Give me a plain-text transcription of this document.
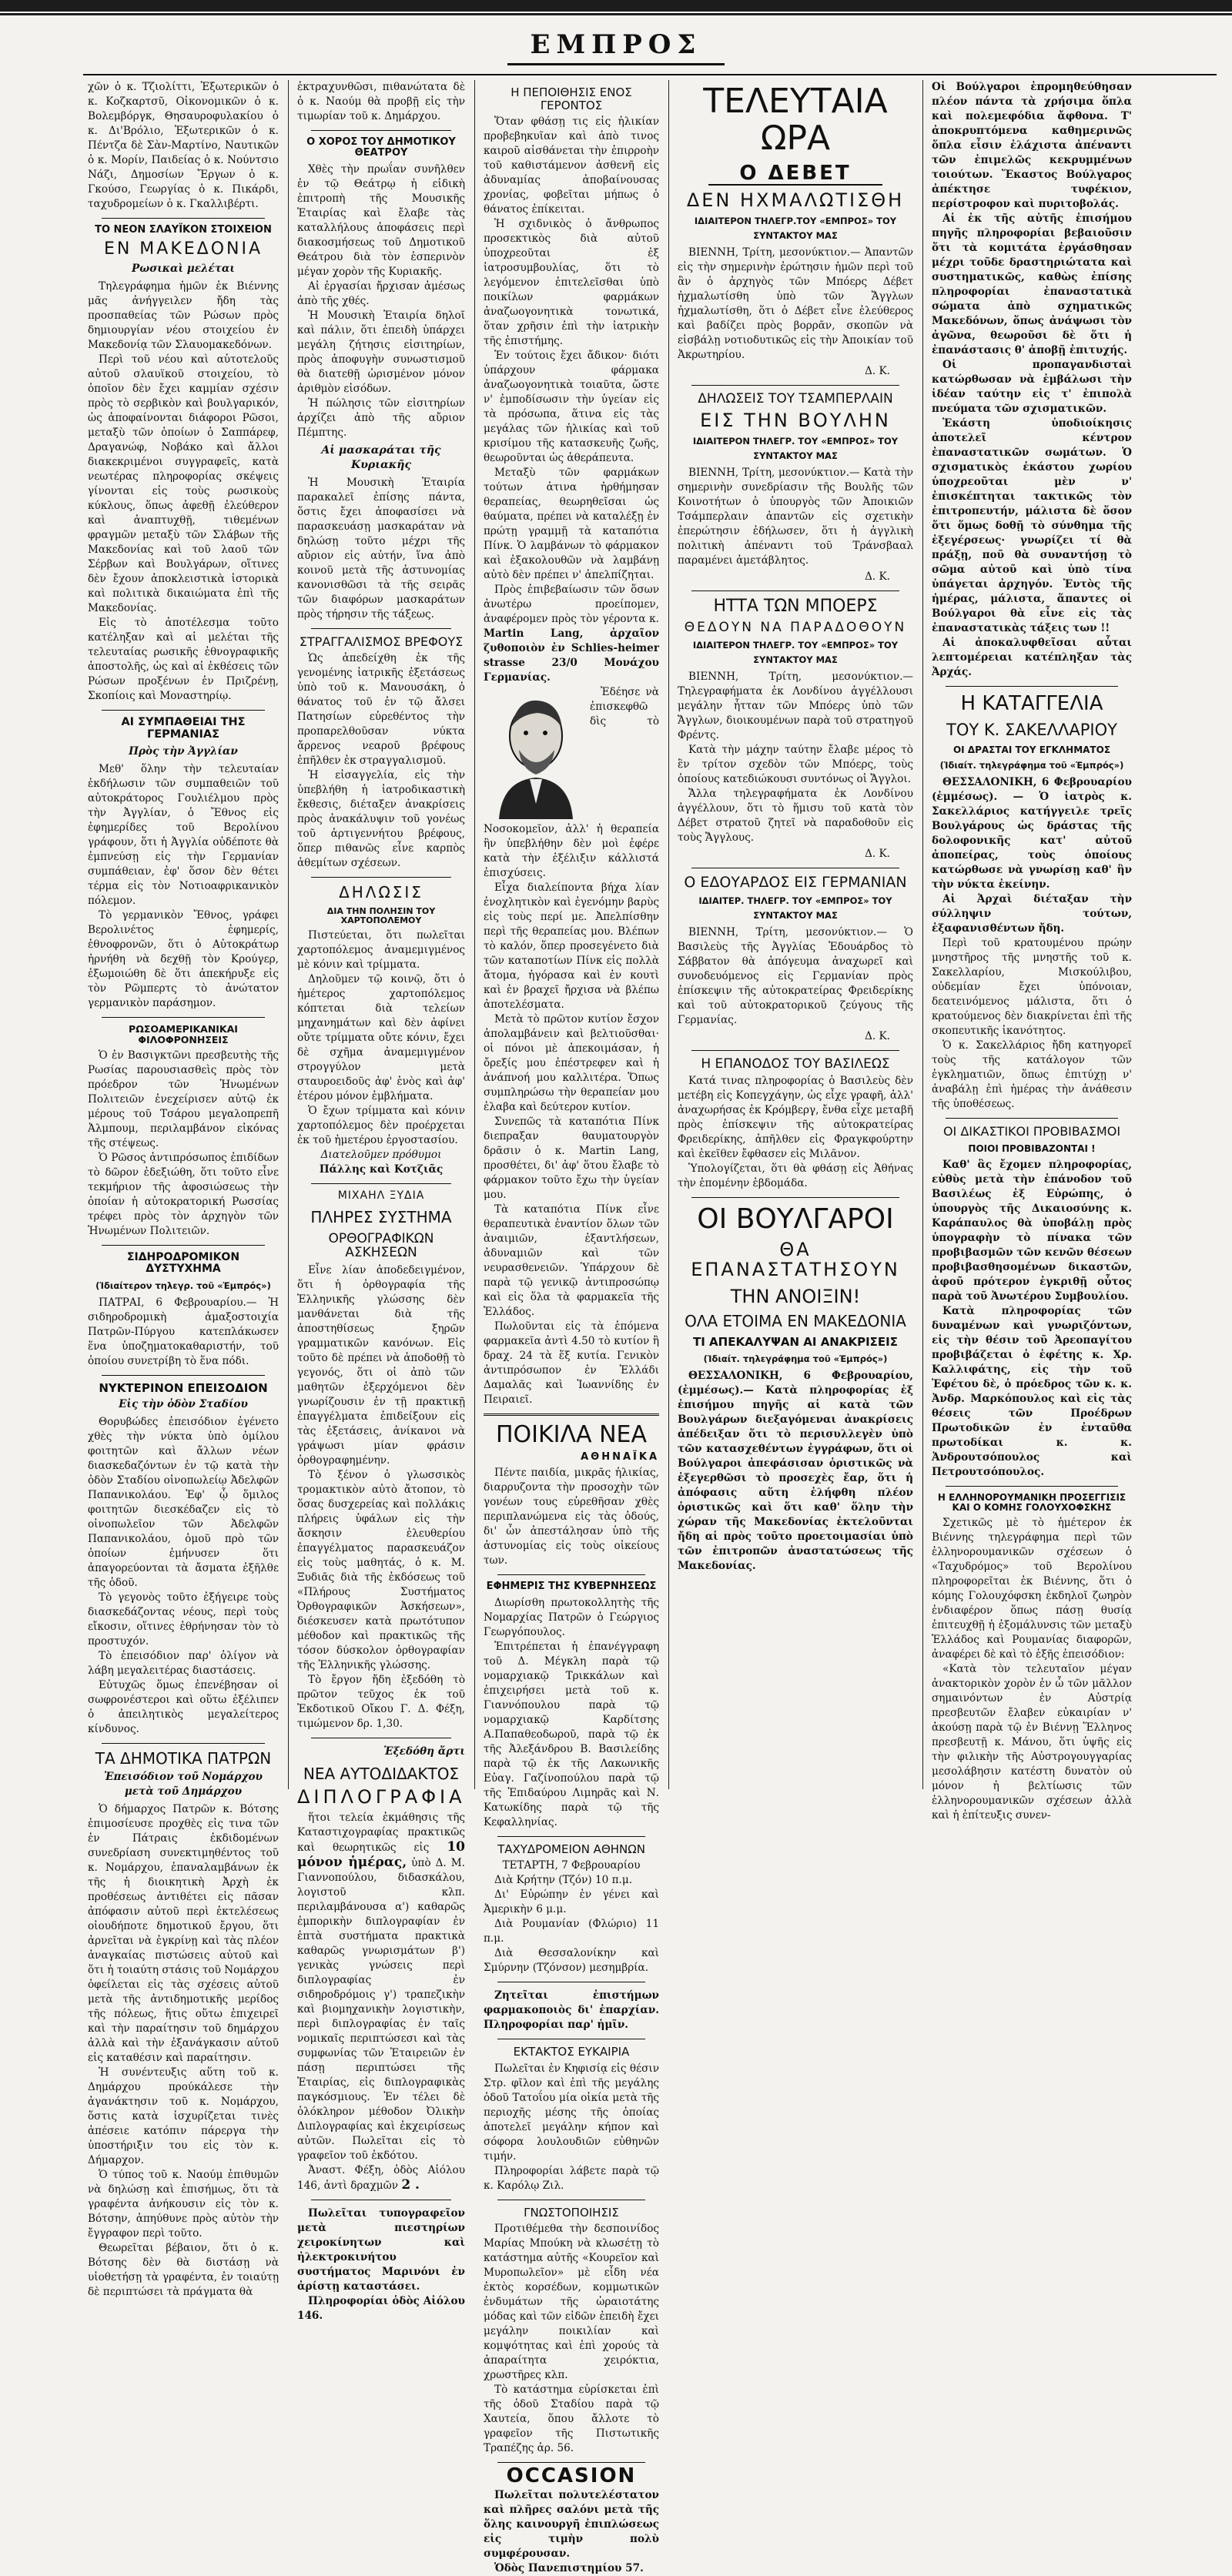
ΕΜΠΡΟΣ

χῶν ὁ κ. Τζιολίττι, Ἐξωτερικῶν ὁ κ. Κοζκαρτσῦ, Οἰκονομικῶν ὁ κ. Βολεμβόργκ, Θησαυροφυλακίου ὁ κ. Δι'Βρόλιο, Ἐξωτερικῶν ὁ κ. Πέντζα δὲ Σὰν-Μαρτίνο, Ναυτικῶν ὁ κ. Μορίν, Παιδείας ὁ κ. Νούντσιο Νάζι, Δημοσίων Ἔργων ὁ κ. Γκούσο, Γεωργίας ὁ κ. Πικάρδι, ταχυδρομείων ὁ κ. Γκαλλιβέρτι.

ΤΟ ΝΕΟΝ ΣΛΑΥΪΚΟΝ ΣΤΟΙΧΕΙΟΝ
ΕΝ ΜΑΚΕΔΟΝΙΑ
Ρωσικαὶ μελέται

Τηλεγράφημα ἡμῶν ἐκ Βιέννης μᾶς ἀνήγγειλεν ἤδη τὰς προσπαθείας τῶν Ρώσων πρὸς δημιουργίαν νέου στοιχείου ἐν Μακεδονίᾳ τῶν Σλαυομακεδόνων.

Περὶ τοῦ νέου καὶ αὐτοτελοῦς αὐτοῦ σλαυϊκοῦ στοιχείου, τὸ ὁποῖον δὲν ἔχει καμμίαν σχέσιν πρὸς τὸ σερβικὸν καὶ βουλγαρικόν, ὡς ἀποφαίνονται διάφοροι Ρῶσοι, μεταξὺ τῶν ὁποίων ὁ Σαππάρεφ, Δραγανώφ, Νοβάκο καὶ ἄλλοι διακεκριμένοι συγγραφεῖς, κατὰ νεωτέρας πληροφορίας σκέψεις γίνονται εἰς τοὺς ρωσικοὺς κύκλους, ὅπως ἀφεθῇ ἐλεύθερον καὶ ἀναπτυχθῇ, τιθεμένων φραγμῶν μεταξὺ τῶν Σλάβων τῆς Μακεδονίας καὶ τοῦ λαοῦ τῶν Σέρβων καὶ Βουλγάρων, οἵτινες δὲν ἔχουν ἀποκλειστικὰ ἱστορικὰ καὶ πολιτικὰ δικαιώματα ἐπὶ τῆς Μακεδονίας.

Εἰς τὸ ἀποτέλεσμα τοῦτο κατέληξαν καὶ αἱ μελέται τῆς τελευταίας ρωσικῆς ἐθνογραφικῆς ἀποστολῆς, ὡς καὶ αἱ ἐκθέσεις τῶν Ρώσων προξένων ἐν Πριζρένῃ, Σκοπίοις καὶ Μοναστηρίῳ.

ΑΙ ΣΥΜΠΑΘΕΙΑΙ ΤΗΣ ΓΕΡΜΑΝΙΑΣ
Πρὸς τὴν Ἀγγλίαν

Μεθ' ὅλην τὴν τελευταίαν ἐκδήλωσιν τῶν συμπαθειῶν τοῦ αὐτοκράτορος Γουλιέλμου πρὸς τὴν Ἀγγλίαν, ὁ Ἔθνος εἰς ἐφημερίδες τοῦ Βερολίνου γράφουν, ὅτι ἡ Ἀγγλία οὐδέποτε θὰ ἐμπνεύσῃ εἰς τὴν Γερμανίαν συμπάθειαν, ἐφ' ὅσον δὲν θέτει τέρμα εἰς τὸν Νοτιοαφρικανικὸν πόλεμον.

Τὸ γερμανικὸν Ἔθνος, γράφει Βερολινέτος ἐφημερίς, ἐθνοφρονῶν, ὅτι ὁ Αὐτοκράτωρ ἠρνήθη νὰ δεχθῇ τὸν Κρούγερ, ἐξωμοιώθη δὲ ὅτι ἀπεκήρυξε εἰς τὸν Ρῶμπερτς τὸ ἀνώτατον γερμανικὸν παράσημον.

ΡΩΣΟΑΜΕΡΙΚΑΝΙΚΑΙ ΦΙΛΟΦΡΟΝΗΣΕΙΣ

Ὁ ἐν Βασιγκτῶνι πρεσβευτὴς τῆς Ρωσίας παρουσιασθεὶς πρὸς τὸν πρόεδρον τῶν Ἡνωμένων Πολιτειῶν ἐνεχείρισεν αὐτῷ ἐκ μέρους τοῦ Τσάρου μεγαλοπρεπῆ Ἀλμπουμ, περιλαμβάνον εἰκόνας τῆς στέψεως.

Ὁ Ρῶσος ἀντιπρόσωπος ἐπιδίδων τὸ δῶρον ἐδεξιώθη, ὅτι τοῦτο εἶνε τεκμήριον τῆς ἀφοσιώσεως τὴν ὁποίαν ἡ αὐτοκρατορική Ρωσσίας τρέφει πρὸς τὸν ἀρχηγὸν τῶν Ἡνωμένων Πολιτειῶν.

ΣΙΔΗΡΟΔΡΟΜΙΚΟΝ ΔΥΣΤΥΧΗΜΑ
(Ἰδιαίτερον τηλεγρ. τοῦ «Ἐμπρός»)

ΠΑΤΡΑΙ, 6 Φεβρουαρίου.— Ἡ σιδηροδρομικὴ ἁμαξοστοιχία Πατρῶν-Πύργου κατεπλάκωσεν ἕνα ὑποζηματοκαθαριστήν, τοῦ ὁποίου συνετρίβη τὸ ἕνα πόδι.

ΝΥΚΤΕΡΙΝΟΝ ΕΠΕΙΣΟΔΙΟΝ
Εἰς τὴν ὁδὸν Σταδίου

Θορυβώδες ἐπεισόδιον ἐγένετο χθὲς τὴν νύκτα ὑπὸ ὁμίλου φοιτητῶν καὶ ἄλλων νέων διασκεδαζόντων ἐν τῷ κατὰ τὴν ὁδὸν Σταδίου οἰνοπωλείῳ Ἀδελφῶν Παπανικολάου. Ἐφ' ᾧ ὅμιλος φοιτητῶν διεσκέδαζεν εἰς τὸ οἰνοπωλεῖον τῶν Ἀδελφῶν Παπανικολάου, ὁμοῦ πρὸ τῶν ὁποίων ἐμήνυσεν ὅτι ἀπαγορεύονται τὰ ἄσματα ἐξῆλθε τῆς ὁδοῦ.

Τὸ γεγονὸς τοῦτο ἐξήγειρε τοὺς διασκεδάζοντας νέους, περὶ τοὺς εἴκοσιν, οἵτινες ἐθρήνησαν τὸν τὸ προστυχόν.

Τὸ ἐπεισόδιον παρ' ὀλίγον νὰ λάβη μεγαλειτέρας διαστάσεις.

Εὐτυχῶς ὅμως ἐπενέβησαν οἱ σωφρονέστεροι καὶ οὕτω ἐξέλιπεν ὁ ἀπειλητικὸς μεγαλείτερος κίνδυνος.

ΤΑ ΔΗΜΟΤΙΚΑ ΠΑΤΡΩΝ
Ἐπεισόδιον τοῦ Νομάρχου μετὰ τοῦ Δημάρχου

Ὁ δήμαρχος Πατρῶν κ. Βότσης ἐπιμοσίευσε προχθὲς εἰς τινα τῶν ἐν Πάτραις ἐκδιδομένων συνεδρίαση συνεκτιμηθέντος τοῦ κ. Νομάρχου, ἐπαναλαμβάνων ἐκ τῆς ἡ διοικητικὴ Ἀρχὴ ἐκ προθέσεως ἀντιθέτει εἰς πᾶσαν ἀπόφασιν αὐτοῦ περὶ ἐκτελέσεως οἰουδήποτε δημοτικοῦ ἔργου, ὅτι ἀρνεῖται νὰ ἐγκρίνῃ καὶ τὰς πλέον ἀναγκαίας πιστώσεις αὐτοῦ καὶ ὅτι ἡ τοιαύτη στάσις τοῦ Νομάρχου ὀφείλεται εἰς τὰς σχέσεις αὐτοῦ μετὰ τῆς ἀντιδημοτικῆς μερίδος τῆς πόλεως, ἥτις οὕτω ἐπιχειρεῖ καὶ τὴν παραίτησιν τοῦ δημάρχου ἀλλὰ καὶ τὴν ἐξανάγκασιν αὐτοῦ εἰς καταθέσιν καὶ παραίτησιν.

Ἡ συνέντευξις αὕτη τοῦ κ. Δημάρχου προύκάλεσε τὴν ἀγανάκτησιν τοῦ κ. Νομάρχου, ὅστις κατὰ ἰσχυρίζεται τινὲς ἀπέσειε κατόπιν πάρεργα τὴν ὑποστήριξιν του εἰς τὸν κ. Δήμαρχον.

Ὁ τύπος τοῦ κ. Ναούμ ἐπιθυμῶν νὰ δηλώσῃ καὶ ἐπισήμως, ὅτι τὰ γραφέντα ἀνήκουσιν εἰς τὸν κ. Βότσην, ἀπηύθυνε πρὸς αὐτὸν τὴν ἔγγραφον περὶ τοῦτο.

Θεωρεῖται βέβαιον, ὅτι ὁ κ. Βότσης δὲν θὰ διστάσῃ νὰ υἱοθετήσῃ τὰ γραφέντα, ἐν τοιαύτῃ δὲ περιπτώσει τὰ πράγματα θὰ

ἐκτραχυνθῶσι, πιθανώτατα δὲ ὁ κ. Ναούμ θὰ προβῇ εἰς τὴν τιμωρίαν τοῦ κ. Δημάρχου.

Ο ΧΟΡΟΣ ΤΟΥ ΔΗΜΟΤΙΚΟΥ ΘΕΑΤΡΟΥ

Χθὲς τὴν πρωΐαν συνῆλθεν ἐν τῷ Θεάτρῳ ἡ εἰδικὴ ἐπιτροπὴ τῆς Μουσικῆς Ἑταιρίας καὶ ἔλαβε τὰς καταλλήλους ἀποφάσεις περὶ διακοσμήσεως τοῦ Δημοτικοῦ Θεάτρου διὰ τὸν ἑσπερινὸν μέγαν χορὸν τῆς Κυριακῆς.

Αἱ ἐργασίαι ἤρχισαν ἀμέσως ἀπὸ τῆς χθές.

Ἡ Μουσικὴ Ἑταιρία δηλοῖ καὶ πάλιν, ὅτι ἐπειδὴ ὑπάρχει μεγάλη ζήτησις εἰσιτηρίων, πρὸς ἀποφυγὴν συνωστισμοῦ θὰ διατεθῇ ὡρισμένον μόνον ἀριθμὸν εἰσόδων.

Ἡ πώλησις τῶν εἰσιτηρίων ἀρχίζει ἀπὸ τῆς αὔριον Πέμπτης.

Αἱ μασκαράται τῆς Κυριακῆς

Ἡ Μουσικὴ Ἑταιρία παρακαλεῖ ἐπίσης πάντα, ὅστις ἔχει ἀποφασίσει νὰ παρασκευάσῃ μασκαράταν νὰ δηλώσῃ τοῦτο μέχρι τῆς αὔριον εἰς αὐτήν, ἵνα ἀπὸ κοινοῦ μετὰ τῆς ἀστυνομίας κανονισθῶσι τὰ τῆς σειρᾶς τῶν διαφόρων μασκαράτων πρὸς τήρησιν τῆς τάξεως.

ΣΤΡΑΓΓΑΛΙΣΜΟΣ ΒΡΕΦΟΥΣ

Ὡς ἀπεδείχθη ἐκ τῆς γενομένης ἰατρικῆς ἐξετάσεως ὑπὸ τοῦ κ. Μανουσάκη, ὁ θάνατος τοῦ ἐν τῷ ἄλσει Πατησίων εὑρεθέντος τὴν προπαρελθοῦσαν νύκτα ἄρρενος νεαροῦ βρέφους ἐπῆλθεν ἐκ στραγγαλισμοῦ.

Ἡ εἰσαγγελία, εἰς τὴν ὑπεβλήθη ἡ ἰατροδικαστικὴ ἔκθεσις, διέταξεν ἀνακρίσεις πρὸς ἀνακάλυψιν τοῦ γονέως τοῦ ἀρτιγεννήτου βρέφους, ὅπερ πιθανῶς εἶνε καρπὸς ἀθεμίτων σχέσεων.

ΔΗΛΩΣΙΣ
ΔΙΑ ΤΗΝ ΠΟΛΗΣΙΝ ΤΟΥ ΧΑΡΤΟΠΟΛΕΜΟΥ

Πιστεύεται, ὅτι πωλεῖται χαρτοπόλεμος ἀναμεμιγμένος μὲ κόνιν καὶ τρίμματα.

Δηλοῦμεν τῷ κοινῷ, ὅτι ὁ ἡμέτερος χαρτοπόλεμος κόπτεται διὰ τελείων μηχανημάτων καὶ δὲν ἀφίνει οὔτε τρίμματα οὔτε κόνιν, ἔχει δὲ σχῆμα ἀναμεμιγμένον στρογγύλον μετὰ σταυροειδοῦς ἀφ' ἑνὸς καὶ ἀφ' ἑτέρου μόνον ἐμβλήματα.

Ὁ ἔχων τρίμματα καὶ κόνιν χαρτοπόλεμος δὲν προέρχεται ἐκ τοῦ ἡμετέρου ἐργοστασίου.

Διατελοῦμεν πρόθυμοι
Πάλλης καὶ Κοτζιᾶς
ΜΙΧΑΗΛ ΞΥΔΙΑ
ΠΛΗΡΕΣ ΣΥΣΤΗΜΑ
ΟΡΘΟΓΡΑΦΙΚΩΝ ΑΣΚΗΣΕΩΝ

Εἶνε λίαν ἀποδεδειγμένον, ὅτι ἡ ὀρθογραφία τῆς Ἑλληνικῆς γλώσσης δὲν μανθάνεται διὰ τῆς ἀποστηθίσεως ξηρῶν γραμματικῶν κανόνων. Εἰς τοῦτο δὲ πρέπει νὰ ἀποδοθῇ τὸ γεγονός, ὅτι οἱ ἀπὸ τῶν μαθητῶν ἐξερχόμενοι δὲν γνωρίζουσιν ἐν τῇ πρακτικῇ ἐπαγγέλματα ἐπιδείξουν εἰς τὰς ἐξετάσεις, ἀνίκανοι νὰ γράψωσι μίαν φράσιν ὀρθογραφημένην.

Τὸ ξένον ὁ γλωσσικὸς τρομακτικὸν αὐτὸ ἄτοπον, τὸ ὅσας δυσχερείας καὶ πολλάκις πλήρεις ὑφάλων εἰς τὴν ἄσκησιν ἐλευθερίου ἐπαγγέλματος παρασκευάζον εἰς τοὺς μαθητάς, ὁ κ. Μ. Ξυδιᾶς διὰ τῆς ἐκδόσεως τοῦ «Πλήρους Συστήματος Ὀρθογραφικῶν Ἀσκήσεων», διέσκευσεν κατὰ πρωτότυπον μέθοδον καὶ πρακτικῶς τῆς τόσον δύσκολον ὀρθογραφίαν τῆς Ἑλληνικῆς γλώσσης.

Τὸ ἔργον ἤδη ἐξεδόθη τὸ πρῶτον τεῦχος ἐκ τοῦ Ἐκδοτικοῦ Οἴκου Γ. Δ. Φέξη, τιμώμενον δρ. 1,30.

Ἐξεδόθη ἄρτι
ΝΕΑ ΑΥΤΟΔΙΔΑΚΤΟΣ
ΔΙΠΛΟΓΡΑΦΙΑ

ἥτοι τελεία ἐκμάθησις τῆς Καταστιχογραφίας πρακτικῶς καὶ θεωρητικῶς εἰς 10 μόνον ἡμέρας, ὑπὸ Δ. Μ. Γιαννοπούλου, διδασκάλου, λογιστοῦ κλπ. περιλαμβάνουσα α') καθαρῶς ἐμπορικὴν διπλογραφίαν ἐν ἑπτὰ συστήματα πρακτικὰ καθαρῶς γνωρισμάτων β') γενικὰς γνώσεις περὶ διπλογραφίας ἐν σιδηροδρόμοις γ') τραπεζικὴν καὶ βιομηχανικὴν λογιστικὴν, περὶ διπλογραφίας ἐν ταῖς νομικαῖς περιπτώσεσι καὶ τὰς συμφωνίας τῶν Ἐταιρειῶν ἐν πάσῃ περιπτώσει τῆς Ἑταιρίας, εἰς διπλογραφικὰς παγκόσμιους. Ἐν τέλει δὲ ὁλόκληρον μέθοδον Ὀλικὴν Διπλογραφίας καὶ ἐκχειρίσεως αὐτῶν. Πωλεῖται εἰς τὸ γραφεῖον τοῦ ἐκδότου.

Ἀναστ. Φέξη, ὁδὸς Αἰόλου 146, ἀντὶ δραχμῶν 2 .

Πωλεῖται τυπογραφεῖον μετὰ πιεστηρίων χειροκίνητων καὶ ἠλεκτροκινήτου συστήματος Μαρινόνι ἐν ἀρίστῃ καταστάσει.

Πληροφορίαι ὁδὸς Αἰόλου 146.

Η ΠΕΠΟΙΘΗΣΙΣ ΕΝΟΣ ΓΕΡΟΝΤΟΣ

Ὅταν φθάσῃ τις εἰς ἡλικίαν προβεβηκυῖαν καὶ ἀπὸ τινος καιροῦ αἰσθάνεται τὴν ἐπιρροὴν τοῦ καθιστάμενον ἀσθενῆ εἰς ἀδυναμίας ἀποβαίνουσας χρονίας, φοβεῖται μήπως ὁ θάνατος ἐπίκειται.

Ἡ σχιδνικὸς ὁ ἄνθρωπος προσεκτικὸς διὰ αὐτοῦ ὑποχρεοῦται ἐξ ἰατροσυμβουλίας, ὅτι τὸ λεγόμενον ἐπιτελεῖσθαι ὑπὸ ποικίλων φαρμάκων ἀναζωογονητικὰ τονωτικά, ὅταν χρῆσιν ἐπὶ τὴν ἰατρικὴν τῆς ἐπιστήμης.

Ἐν τούτοις ἔχει ἄδικον· διότι ὑπάρχουν φάρμακα ἀναζωογονητικὰ τοιαῦτα, ὥστε ν' ἐμποδίσωσιν τὴν ὑγείαν εἰς τὰ πρόσωπα, ἅτινα εἰς τὰς μεγάλας τῶν ἡλικίας καὶ τοῦ κρισίμου τῆς κατασκευῆς ζωῆς, θεωροῦνται ὡς ἀθεράπευτα.

Μεταξὺ τῶν φαρμάκων τούτων ἀτινα ἠρθήμησαν θεραπείας, θεωρηθεῖσαι ὡς θαύματα, πρέπει νὰ καταλέξῃ ἐν πρώτῃ γραμμῇ τὰ καταπότια Πίνκ. Ὁ λαμβάνων τὸ φάρμακον καὶ ἐξακολουθῶν νὰ λαμβάνῃ αὐτὸ δὲν πρέπει ν' ἀπελπίζηται.

Πρὸς ἐπιβεβαίωσιν τῶν ὅσων ἀνωτέρω προείπομεν, ἀναφέρομεν πρὸς τὸν γέροντα κ. Martin Lang, ἀρχαῖον ζυθοποιὸν ἐν Schlies-heimer strasse 23/0 Μονάχου Γερμανίας.

Ἐδέησε νὰ ἐπισκεφθῶ δὶς τὸ Νοσοκομεῖον, ἀλλ' ἡ θεραπεία ἣν ὑπεβλήθην δὲν μοὶ ἐφέρε κατὰ τὴν ἐξέλιξιν κάλλιστά ἐπισχύσεις.

Εἶχα διαλείποντα βήχα λίαν ἐνοχλητικὸν καὶ ἐγενόμην βαρὺς εἰς τοὺς περί με. Ἀπελπίσθην περὶ τῆς θεραπείας μου. Βλέπων τὸ καλόν, ὅπερ προσεγένετο διὰ τῶν καταποτίων Πίνκ εἰς πολλὰ ἄτομα, ἠγόρασα καὶ ἐν κουτὶ καὶ ἐν βραχεῖ ἤρχισα νὰ βλέπω ἀποτελέσματα.

Μετὰ τὸ πρῶτον κυτίον ἔσχον ἀπολαμβάνειν καὶ βελτιοῦσθαι· οἱ πόνοι μὲ ἀπεκοιμάσαν, ἡ ὄρεξίς μου ἐπέστρεφεν καὶ ἡ ἀνάπνοή μου καλλιτέρα. Ὅπως συμπληρώσω τὴν θεραπείαν μου ἐλαβα καὶ δεύτερον κυτίον.

Συνεπῶς τὰ καταπότια Πίνκ διεπραξαν θαυματουργὸν δρᾶσιν ὁ κ. Martin Lang, προσθέτει, δι' ἀφ' ὅτου ἔλαβε τὸ φάρμακον τοῦτο ἔχω τὴν ὑγείαν μου.

Τὰ καταπότια Πίνκ εἶνε θεραπευτικὰ ἐναντίον ὅλων τῶν ἀναιμιῶν, ἐξαντλήσεων, ἀδυναμιῶν καὶ τῶν νευρασθενειῶν. Ὑπάρχουν δὲ παρὰ τῷ γενικῷ ἀντιπροσώπῳ καὶ εἰς ὅλα τὰ φαρμακεῖα τῆς Ἑλλάδος.

Πωλοῦνται εἰς τὰ ἑπόμενα φαρμακεῖα ἀντὶ 4.50 τὸ κυτίον ἢ δραχ. 24 τὰ ἕξ κυτία. Γενικὸν ἀντιπρόσωπον ἐν Ἑλλάδι Δαμαλᾶς καὶ Ἰωαννίδης ἐν Πειραιεῖ.

ΠΟΙΚΙΛΑ ΝΕΑ
ΑΘΗΝΑΪΚΑ

Πέντε παιδία, μικρᾶς ἡλικίας, διαρρυζοντα τὴν προσοχὴν τῶν γονέων τους εὑρεθῆσαν χθὲς περιπλανώμενα εἰς τὰς ὁδούς, δι' ὧν ἀπεστάλησαν ὑπὸ τῆς ἀστυνομίας εἰς τοὺς οἰκείους των.

ΕΦΗΜΕΡΙΣ ΤΗΣ ΚΥΒΕΡΝΗΣΕΩΣ

Διωρίσθη πρωτοκολλητὴς τῆς Νομαρχίας Πατρῶν ὁ Γεώργιος Γεωργόπουλος.

Ἐπιτρέπεται ἡ ἐπανέγγραφη τοῦ Δ. Μέγκλη παρὰ τῷ νομαρχιακῷ Τρικκάλων καὶ ἐπιχειρήσει μετὰ τοῦ κ. Γιαννόπουλου παρὰ τῷ νομαρχιακῷ Καρδίτσης Α.Παπαθεοδωροῦ, παρὰ τῷ ἐκ τῆς Ἀλεξάνδρου Β. Βασιλείδης παρὰ τῷ ἐκ τῆς Λακωνικῆς Εὐαγ. Γαζίνοπούλου παρὰ τῷ τῆς Ἐπιδαύρου Λιμηρᾶς καὶ Ν. Κατωκίδης παρὰ τῷ τῆς Κεφαλληνίας.

ΤΑΧΥΔΡΟΜΕΙΟΝ ΑΘΗΝΩΝ
ΤΕΤΑΡΤΗ, 7 Φεβρουαρίου

Διὰ Κρήτην (Τζόν) 10 π.μ.

Δι' Εὐρώπην ἐν γένει καὶ Ἀμερικὴν 6 μ.μ.

Διὰ Ρουμανίαν (Φλώριο) 11 π.μ.

Διὰ Θεσσαλονίκην καὶ Σμύρνην (Τζόνσον) μεσημβρία.

Ζητεῖται ἐπιστήμων φαρμακοποιὸς δι' ἐπαρχίαν. Πληροφορίαι παρ' ἡμῖν.

ΕΚΤΑΚΤΟΣ ΕΥΚΑΙΡΙΑ

Πωλεῖται ἐν Κηφισίᾳ εἰς θέσιν Στρ. φῖλον καὶ ἐπὶ τῆς μεγάλης ὁδοῦ Τατοΐου μία οἰκία μετὰ τῆς περιοχῆς μέσης τῆς ὁποίας ἀποτελεῖ μεγάλην κήπον καὶ σόφορα λουλουδιῶν εὐθηνῶν τιμήν.

Πληροφορίαι λάβετε παρὰ τῷ κ. Καρόλῳ Ζιλ.

ΓΝΩΣΤΟΠΟΙΗΣΙΣ

Προτιθέμεθα τὴν δεσποινίδος Μαρίας Μπούκη νὰ κλωσέτῃ τὸ κατάστημα αὐτῆς «Κουρεῖον καὶ Μυροπωλεῖον» μὲ εἶδη νέα ἐκτὸς κορσέδων, κομμωτικῶν ἐνδυμάτων τῆς ὡραιοτάτης μόδας καὶ τῶν εἰδῶν ἐπειδὴ ἔχει μεγάλην ποικιλίαν καὶ κομψότητας καὶ ἐπὶ χορούς τὰ ἀπαραίτητα χειρόκτια, χρωστῆρες κλπ.

Τὸ κατάστημα εὑρίσκεται ἐπὶ τῆς ὁδοῦ Σταδίου παρὰ τῷ Χαυτεία, ὅπου ἄλλοτε τὸ γραφεῖον τῆς Πιστωτικῆς Τραπέζης ἀρ. 56.

OCCASION

Πωλεῖται πολυτελέστατον καὶ πλῆρες σαλόνι μετὰ τῆς ὅλης καινουργῆ ἐπιπλώσεως εἰς τιμὴν πολὺ συμφέρουσαν.

Ὁδὸς Πανεπιστημίου 57.

ΤΕΛΕΥΤΑΙΑ ΩΡΑ
Ο ΔΕΒΕΤ
ΔΕΝ ΗΧΜΑΛΩΤΙΣΘΗ
ΙΔΙΑΙΤΕΡΟΝ ΤΗΛΕΓΡ.ΤΟΥ «ΕΜΠΡΟΣ» ΤΟΥ ΣΥΝΤΑΚΤΟΥ ΜΑΣ

ΒΙΕΝΝΗ, Τρίτη, μεσονύκτιον.— Ἀπαντῶν εἰς τὴν σημερινὴν ἐρώτησιν ἡμῶν περὶ τοῦ ἂν ὁ ἀρχηγὸς τῶν Μπόερς Δέβετ ἠχμαλωτίσθη ὑπὸ τῶν Ἄγγλων ἠχμαλωτίσθη, ὅτι ὁ Δέβετ εἶνε ἐλεύθερος καὶ βαδίζει πρὸς βορρᾶν, σκοπῶν νὰ εἰσβάλῃ νοτιοδυτικῶς εἰς τὴν Ἀποικίαν τοῦ Ἀκρωτηρίου.

Δ. Κ.
ΔΗΛΩΣΕΙΣ ΤΟΥ ΤΣΑΜΠΕΡΛΑΙΝ
ΕΙΣ ΤΗΝ ΒΟΥΛΗΝ
ΙΔΙΑΙΤΕΡΟΝ ΤΗΛΕΓΡ. ΤΟΥ «ΕΜΠΡΟΣ» ΤΟΥ ΣΥΝΤΑΚΤΟΥ ΜΑΣ

ΒΙΕΝΝΗ, Τρίτη, μεσονύκτιον.— Κατὰ τὴν σημερινὴν συνεδρίασιν τῆς Βουλῆς τῶν Κοινοτήτων ὁ ὑπουργὸς τῶν Ἀποικιῶν Τσάμπερλαιν ἀπαντῶν εἰς σχετικὴν ἐπερώτησιν ἐδήλωσεν, ὅτι ἡ ἀγγλικὴ πολιτικὴ ἀπέναντι τοῦ Τράνσβααλ παραμένει ἀμετάβλητος.

Δ. Κ.
ΗΤΤΑ ΤΩΝ ΜΠΟΕΡΣ
ΘΕΔΟΥΝ ΝΑ ΠΑΡΑΔΟΘΟΥΝ
ΙΔΙΑΙΤΕΡΟΝ ΤΗΛΕΓΡ. ΤΟΥ «ΕΜΠΡΟΣ» ΤΟΥ ΣΥΝΤΑΚΤΟΥ ΜΑΣ

ΒΙΕΝΝΗ, Τρίτη, μεσονύκτιον.— Τηλεγραφήματα ἐκ Λονδίνου ἀγγέλλουσι μεγάλην ἧτταν τῶν Μπόερς ὑπὸ τῶν Ἄγγλων, διοικουμένων παρὰ τοῦ στρατηγοῦ Φρέντς.

Κατὰ τὴν μάχην ταύτην ἔλαβε μέρος τὸ ἓν τρίτον σχεδὸν τῶν Μπόερς, τοὺς ὁποίους κατεδιώκουσι συντόνως οἱ Ἄγγλοι.

Ἄλλα τηλεγραφήματα ἐκ Λονδίνου ἀγγέλλουν, ὅτι τὸ ἥμισυ τοῦ κατὰ τὸν Δέβετ στρατοῦ ζητεῖ νὰ παραδοθοῦν εἰς τοὺς Ἄγγλους.

Δ. Κ.
Ο ΕΔΟΥΑΡΔΟΣ ΕΙΣ ΓΕΡΜΑΝΙΑΝ
ΙΔΙΑΙΤΕΡ. ΤΗΛΕΓΡ. ΤΟΥ «ΕΜΠΡΟΣ» ΤΟΥ ΣΥΝΤΑΚΤΟΥ ΜΑΣ

ΒΙΕΝΝΗ, Τρίτη, μεσονύκτιον.— Ὁ Βασιλεὺς τῆς Ἀγγλίας Ἐδουάρδος τὸ Σάββατον θὰ ἀπόγευμα ἀναχωρεῖ καὶ συνοδευόμενος εἰς Γερμανίαν πρὸς ἐπίσκεψιν τῆς αὐτοκρατείρας Φρειδερίκης καὶ τοῦ αὐτοκρατορικοῦ ζεύγους τῆς Γερμανίας.

Δ. Κ.
Η ΕΠΑΝΟΔΟΣ ΤΟΥ ΒΑΣΙΛΕΩΣ

Κατά τινας πληροφορίας ὁ Βασιλεὺς δὲν μετέβη εἰς Κοπεγχάγην, ὡς εἶχε γραφῆ, ἀλλ' ἀναχωρήσας ἐκ Κρόμβεργ, ἔνθα εἶχε μεταβῆ πρὸς ἐπίσκεψιν τῆς αὐτοκρατείρας Φρειδερίκης, ἀπῆλθεν εἰς Φραγκφούρτην καὶ ἐκεῖθεν ἔφθασεν εἰς Μιλᾶνον.

Ὑπολογίζεται, ὅτι θὰ φθάσῃ εἰς Ἀθήνας τὴν ἑπομένην ἑβδομάδα.

ΟΙ ΒΟΥΛΓΑΡΟΙ
ΘΑ ΕΠΑΝΑΣΤΑΤΗΣΟΥΝ
ΤΗΝ ΑΝΟΙΞΙΝ!
ΟΛΑ ΕΤΟΙΜΑ ΕΝ ΜΑΚΕΔΟΝΙΑ
ΤΙ ΑΠΕΚΑΛΥΨΑΝ ΑΙ ΑΝΑΚΡΙΣΕΙΣ
(Ἰδιαίτ. τηλεγράφημα τοῦ «Ἐμπρός»)

ΘΕΣΣΑΛΟΝΙΚΗ, 6 Φεβρουαρίου, (ἐμμέσως).— Κατὰ πληροφορίας ἐξ ἐπισήμου πηγῆς αἱ κατὰ τῶν Βουλγάρων διεξαγόμεναι ἀνακρίσεις ἀπέδειξαν ὅτι τὸ περισυλλεγὲν ὑπὸ τῶν κατασχεθέντων ἐγγράφων, ὅτι οἱ Βούλγαροι ἀπεφάσισαν ὁριστικῶς νὰ ἐξεγερθῶσι τὸ προσεχὲς ἔαρ, ὅτι ἡ ἀπόφασις αὕτη ἐλήφθη πλέον ὁριστικῶς καὶ ὅτι καθ' ὅλην τὴν χώραν τῆς Μακεδονίας ἐκτελοῦνται ἤδη αἱ πρὸς τοῦτο προετοιμασίαι ὑπὸ τῶν ἐπιτροπῶν ἀναστατώσεως τῆς Μακεδονίας.

Οἱ Βούλγαροι ἐπρομηθεύθησαν πλέον πάντα τὰ χρήσιμα ὅπλα καὶ πολεμεφόδια ἄφθονα. Τ' ἀποκρυπτόμενα καθημερινῶς ὅπλα εἶσιν ἐλάχιστα ἀπέναντι τῶν ἐπιμελῶς κεκρυμμένων τοιούτων. Ἕκαστος Βούλγαρος ἀπέκτησε τυφέκιον, περίστροφον καὶ πυριτοβολάς.

Αἱ ἐκ τῆς αὐτῆς ἐπισήμου πηγῆς πληροφορίαι βεβαιοῦσιν ὅτι τὰ κομιτάτα ἐργάσθησαν μέχρι τοῦδε δραστηριώτατα καὶ συστηματικῶς, καθὼς ἐπίσης πληροφορίαι ἐπαναστατικὰ σώματα ἀπὸ σχηματικῶς Μακεδόνων, ὅπως ἀνάψωσι τὸν ἀγῶνα, θεωροῦσι δὲ ὅτι ἡ ἐπανάστασις θ' ἀποβῇ ἐπιτυχής.

Οἱ προπαγανδισταὶ κατώρθωσαν νὰ ἐμβάλωσι τὴν ἰδέαν ταύτην εἰς τ' ἐπιπολὰ πνεύματα τῶν σχισματικῶν.

Ἑκάστη ὑποδιοίκησις ἀποτελεῖ κέντρον ἐπαναστατικῶν σωμάτων. Ὁ σχισματικὸς ἑκάστου χωρίου ὑποχρεοῦται μὲν ν' ἐπισκέπτηται τακτικῶς τὸν ἐπιτροπευτήν, μάλιστα δὲ ὅσον ὅτι ὅμως δοθῇ τὸ σύνθημα τῆς ἐξεγέρσεως· γνωρίζει τί θὰ πράξῃ, ποῦ θὰ συναντήσῃ τὸ σῶμα αὐτοῦ καὶ ὑπὸ τίνα ὑπάγεται ἀρχηγόν. Ἐντὸς τῆς ἡμέρας, μάλιστα, ἅπαντες οἱ Βούλγαροι θὰ εἶνε εἰς τὰς ἐπαναστατικὰς τάξεις των !!

Αἱ ἀποκαλυφθεῖσαι αὗται λεπτομέρειαι κατέπληξαν τὰς Ἀρχάς.

Η ΚΑΤΑΓΓΕΛΙΑ
ΤΟΥ Κ. ΣΑΚΕΛΛΑΡΙΟΥ
ΟΙ ΔΡΑΣΤΑΙ ΤΟΥ ΕΓΚΛΗΜΑΤΟΣ
(Ἰδιαίτ. τηλεγράφημα τοῦ «Ἐμπρός»)

ΘΕΣΣΑΛΟΝΙΚΗ, 6 Φεβρουαρίου (ἐμμέσως). — Ὁ ἰατρὸς κ. Σακελλάριος κατήγγειλε τρεῖς Βουλγάρους ὡς δράστας τῆς δολοφονικῆς κατ' αὐτοῦ ἀποπείρας, τοὺς ὁποίους κατώρθωσε νὰ γνωρίσῃ καθ' ἣν τὴν νύκτα ἐκείνην.

Αἱ Ἀρχαὶ διέταξαν τὴν σύλληψιν τούτων, ἐξαφανισθέντων ἤδη.

Περὶ τοῦ κρατουμένου πρώην μνηστῆρος τῆς μνηστῆς τοῦ κ. Σακελλαρίου, Μισκούλιβου, οὐδεμίαν ἔχει ὑπόνοιαν, δεατεινόμενος μάλιστα, ὅτι ὁ κρατούμενος δὲν διακρίνεται ἐπὶ τῆς σκοπευτικῆς ἱκανότητος.

Ὁ κ. Σακελλάριος ἤδη κατηγορεῖ τοὺς τῆς κατάλογον τῶν ἐγκληματιῶν, ὅπως ἐπιτύχῃ ν' ἀναβάλῃ ἐπὶ ἡμέρας τὴν ἀνάθεσιν τῆς ὑποθέσεως.

ΟΙ ΔΙΚΑΣΤΙΚΟΙ ΠΡΟΒΙΒΑΣΜΟΙ
ΠΟΙΟΙ ΠΡΟΒΙΒΑΖΟΝΤΑΙ !

Καθ' ἃς ἔχομεν πληροφορίας, εὐθὺς μετὰ τὴν ἐπάνοδον τοῦ Βασιλέως ἐξ Εὐρώπης, ὁ ὑπουργὸς τῆς Δικαιοσύνης κ. Καράπαυλος θὰ ὑποβάλῃ πρὸς ὑπογραφὴν τὸ πίνακα τῶν προβιβασμῶν τῶν κενῶν θέσεων προβιβασθησομένων δικαστῶν, ἀφοῦ πρότερον ἐγκριθῇ οὗτος παρὰ τοῦ Ἀνωτέρου Συμβουλίου.

Κατὰ πληροφορίας τῶν δυναμένων καὶ γνωριζόντων, εἰς τὴν θέσιν τοῦ Ἀρεοπαγίτου προβιβάζεται ὁ ἐφέτης κ. Χρ. Καλλιφάτης, εἰς τὴν τοῦ Ἐφέτου δὲ, ὁ πρόεδρος τῶν κ. κ. Ἀνδρ. Μαρκόπουλος καὶ εἰς τὰς θέσεις τῶν Προέδρων Πρωτοδικῶν ἐν ἐνταῦθα πρωτοδίκαι κ. κ. Ἀνδρουτσόπουλος καὶ Πετρουτσόπουλος.

Η ΕΛΛΗΝΟΡΟΥΜΑΝΙΚΗ ΠΡΟΣΕΓΓΙΣΙΣ ΚΑΙ Ο ΚΟΜΗΣ ΓΟΛΟΥΧΟΦΣΚΗΣ

Σχετικῶς μὲ τὸ ἡμέτερον ἐκ Βιέννης τηλεγράφημα περὶ τῶν ἑλληνορουμανικῶν σχέσεων ὁ «Ταχυδρόμος» τοῦ Βερολίνου πληροφορεῖται ἐκ Βιέννης, ὅτι ὁ κόμης Γολουχόφσκη ἐκδηλοῖ ζωηρὸν ἐνδιαφέρον ὅπως πάσῃ θυσίᾳ ἐπιτευχθῇ ἡ ἐξομάλυνσις τῶν μεταξὺ Ἑλλάδος καὶ Ρουμανίας διαφορῶν, ἀναφέρει δὲ καὶ τὸ ἑξῆς ἐπεισόδιον:

«Κατὰ τὸν τελευταῖον μέγαν ἀνακτορικὸν χορὸν ἐν ὧ τῶν μᾶλλον σημαινόντων ἐν Αὐστρίᾳ πρεσβευτῶν ἔλαβεν εὐκαιρίαν ν' ἀκούσῃ παρὰ τῷ ἐν Βιέννῃ Ἕλληνος πρεσβευτῇ κ. Μάνου, ὅτι ὑψῆς εἰς τὴν φιλικὴν τῆς Αὐστρογουγγαρίας μεσολάβησιν κατέστη δυνατὸν οὐ μόνον ἡ βελτίωσις τῶν ἑλληνορουμανικῶν σχέσεων ἀλλὰ καὶ ἡ ἐπίτευξις συνεν-
